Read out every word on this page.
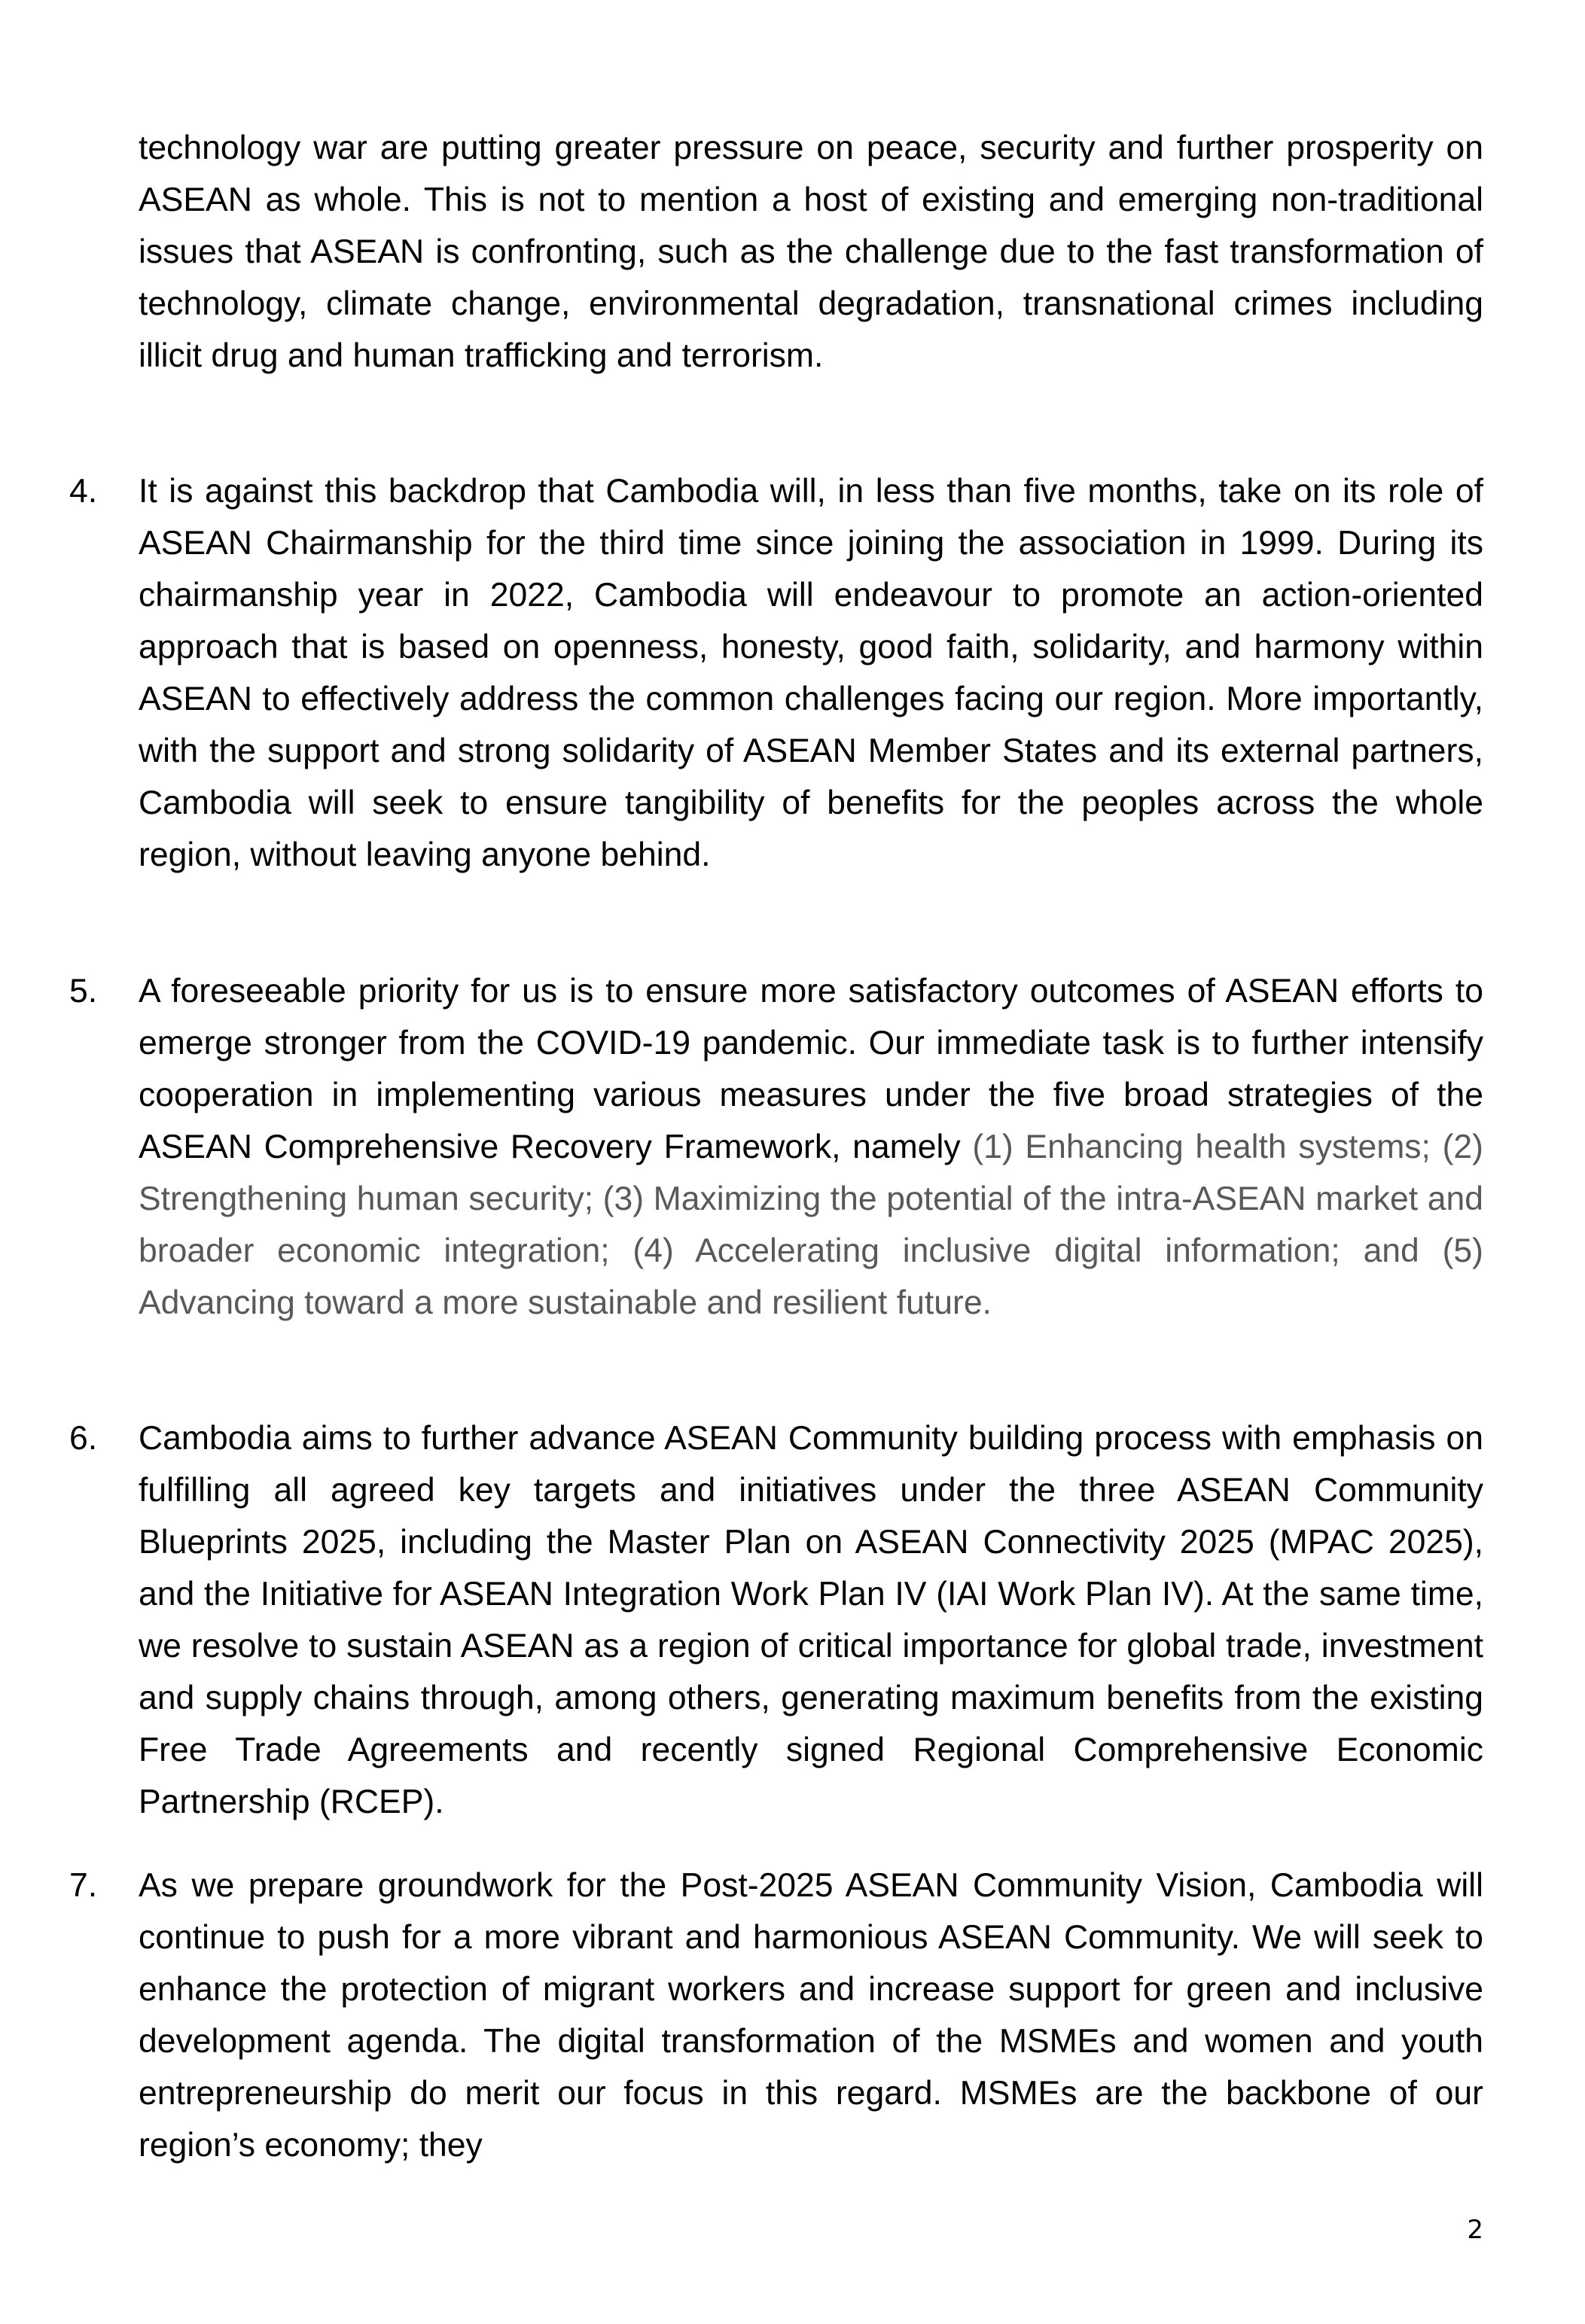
technology war are putting greater pressure on peace, security and further prosperity on ASEAN as whole. This is not to mention a host of existing and emerging non-traditional issues that ASEAN is confronting, such as the challenge due to the fast transformation of technology, climate change, environmental degradation, transnational crimes including illicit drug and human trafficking and terrorism.

4. It is against this backdrop that Cambodia will, in less than five months, take on its role of ASEAN Chairmanship for the third time since joining the association in 1999. During its chairmanship year in 2022, Cambodia will endeavour to promote an action-oriented approach that is based on openness, honesty, good faith, solidarity, and harmony within ASEAN to effectively address the common challenges facing our region. More importantly, with the support and strong solidarity of ASEAN Member States and its external partners, Cambodia will seek to ensure tangibility of benefits for the peoples across the whole region, without leaving anyone behind.

5. A foreseeable priority for us is to ensure more satisfactory outcomes of ASEAN efforts to emerge stronger from the COVID-19 pandemic. Our immediate task is to further intensify cooperation in implementing various measures under the five broad strategies of the ASEAN Comprehensive Recovery Framework, namely (1) Enhancing health systems; (2) Strengthening human security; (3) Maximizing the potential of the intra-ASEAN market and broader economic integration; (4) Accelerating inclusive digital information; and (5) Advancing toward a more sustainable and resilient future.

6. Cambodia aims to further advance ASEAN Community building process with emphasis on fulfilling all agreed key targets and initiatives under the three ASEAN Community Blueprints 2025, including the Master Plan on ASEAN Connectivity 2025 (MPAC 2025), and the Initiative for ASEAN Integration Work Plan IV (IAI Work Plan IV). At the same time, we resolve to sustain ASEAN as a region of critical importance for global trade, investment and supply chains through, among others, generating maximum benefits from the existing Free Trade Agreements and recently signed Regional Comprehensive Economic Partnership (RCEP).

7. As we prepare groundwork for the Post-2025 ASEAN Community Vision, Cambodia will continue to push for a more vibrant and harmonious ASEAN Community. We will seek to enhance the protection of migrant workers and increase support for green and inclusive development agenda. The digital transformation of the MSMEs and women and youth entrepreneurship do merit our focus in this regard. MSMEs are the backbone of our region’s economy; they

2
